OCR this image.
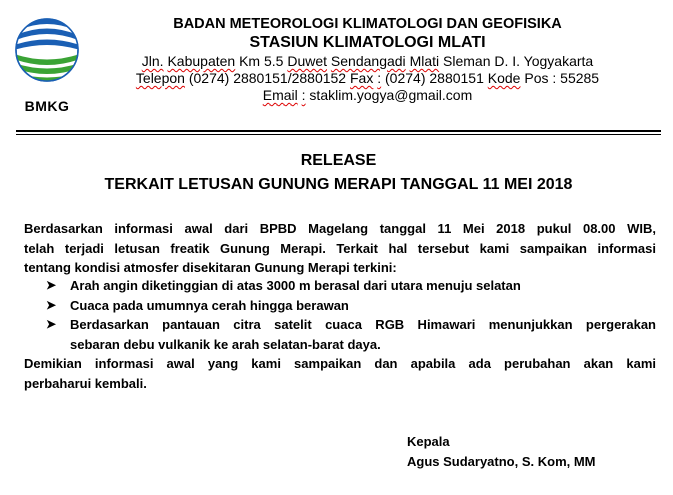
BMKG
BADAN METEOROLOGI KLIMATOLOGI DAN GEOFISIKA
STASIUN KLIMATOLOGI MLATI
Jln. Kabupaten Km 5.5 Duwet Sendangadi Mlati Sleman D. I. Yogyakarta
Telepon (0274) 2880151/2880152 Fax : (0274) 2880151 Kode Pos : 55285
Email : staklim.yogya@gmail.com
RELEASE
TERKAIT LETUSAN GUNUNG MERAPI TANGGAL 11 MEI 2018
Berdasarkan informasi awal dari BPBD Magelang tanggal 11 Mei 2018 pukul 08.00 WIB,
telah terjadi letusan freatik Gunung Merapi. Terkait hal tersebut kami sampaikan informasi
tentang kondisi atmosfer disekitaran Gunung Merapi terkini:
➤ Arah angin diketinggian di atas 3000 m berasal dari utara menuju selatan
➤ Cuaca pada umumnya cerah hingga berawan
➤ Berdasarkan pantauan citra satelit cuaca RGB Himawari menunjukkan pergerakan
sebaran debu vulkanik ke arah selatan-barat daya.
Demikian informasi awal yang kami sampaikan dan apabila ada perubahan akan kami
perbaharui kembali.
Kepala
Agus Sudaryatno, S. Kom, MM
